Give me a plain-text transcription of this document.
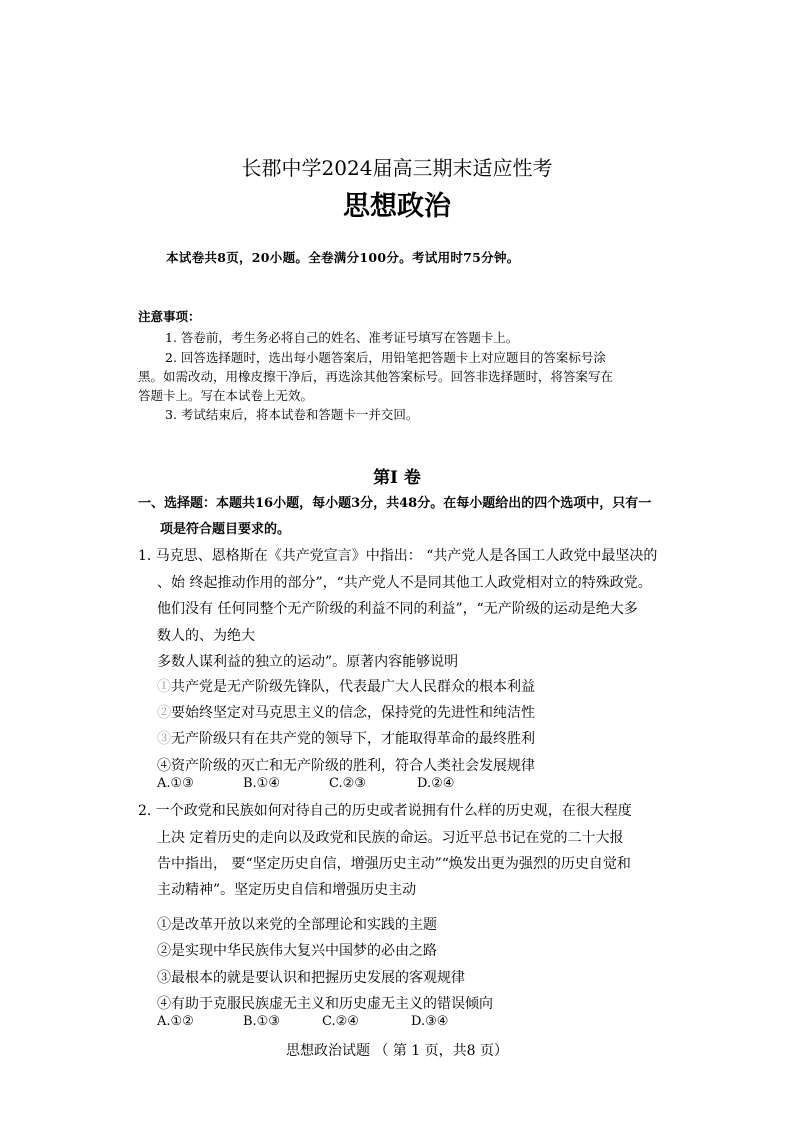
长郡中学2024届高三期末适应性考
思想政治
本试卷共8页，20小题。全卷满分100分。考试用时75分钟。
注意事项：
1. 答卷前，考生务必将自己的姓名、准考证号填写在答题卡上。
2. 回答选择题时，选出每小题答案后，用铅笔把答题卡上对应题目的答案标号涂
黑。如需改动，用橡皮擦干净后，再选涂其他答案标号。回答非选择题时，将答案写在
答题卡上。写在本试卷上无效。
3. 考试结束后，将本试卷和答题卡一并交回。
第I 卷
一、选择题：本题共16小题，每小题3分，共48分。在每小题给出的四个选项中，只有一
项是符合题目要求的。
1. 马克思、恩格斯在《共产党宣言》中指出： “共产党人是各国工人政党中最坚决的
、始 终起推动作用的部分”，“共产党人不是同其他工人政党相对立的特殊政党。
他们没有 任何同整个无产阶级的利益不同的利益”，“无产阶级的运动是绝大多
数人的、为绝大
多数人谋利益的独立的运动”。原著内容能够说明
①共产党是无产阶级先锋队，代表最广大人民群众的根本利益
②要始终坚定对马克思主义的信念，保持党的先进性和纯洁性
③无产阶级只有在共产党的领导下，才能取得革命的最终胜利
④资产阶级的灭亡和无产阶级的胜利，符合人类社会发展规律
A.①③	B.①④	C.②③	D.②④
2. 一个政党和民族如何对待自己的历史或者说拥有什么样的历史观，在很大程度
上决 定着历史的走向以及政党和民族的命运。习近平总书记在党的二十大报
告中指出， 要“坚定历史自信，增强历史主动”“焕发出更为强烈的历史自觉和
主动精神”。坚定历史自信和增强历史主动
①是改革开放以来党的全部理论和实践的主题
②是实现中华民族伟大复兴中国梦的必由之路
③最根本的就是要认识和把握历史发展的客观规律
④有助于克服民族虚无主义和历史虚无主义的错误倾向
A.①②	B.①③	C.②④	D.③④
思想政治试题 （ 第 1 页，共8 页）
